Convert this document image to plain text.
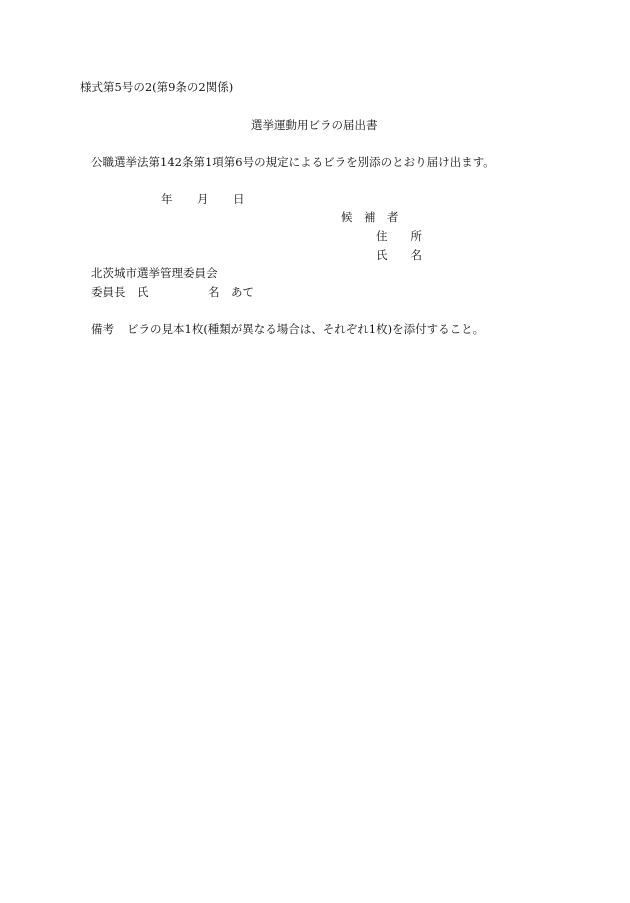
様式第5号の2(第9条の2関係)
選挙運動用ビラの届出書
公職選挙法第142条第1項第6号の規定によるビラを別添のとおり届け出ます。
年 月 日
候　補　者
住　　所
氏　　名
北茨城市選挙管理委員会
委員長　氏	名　あて
備考 ビラの見本1枚(種類が異なる場合は、それぞれ1枚)を添付すること。
